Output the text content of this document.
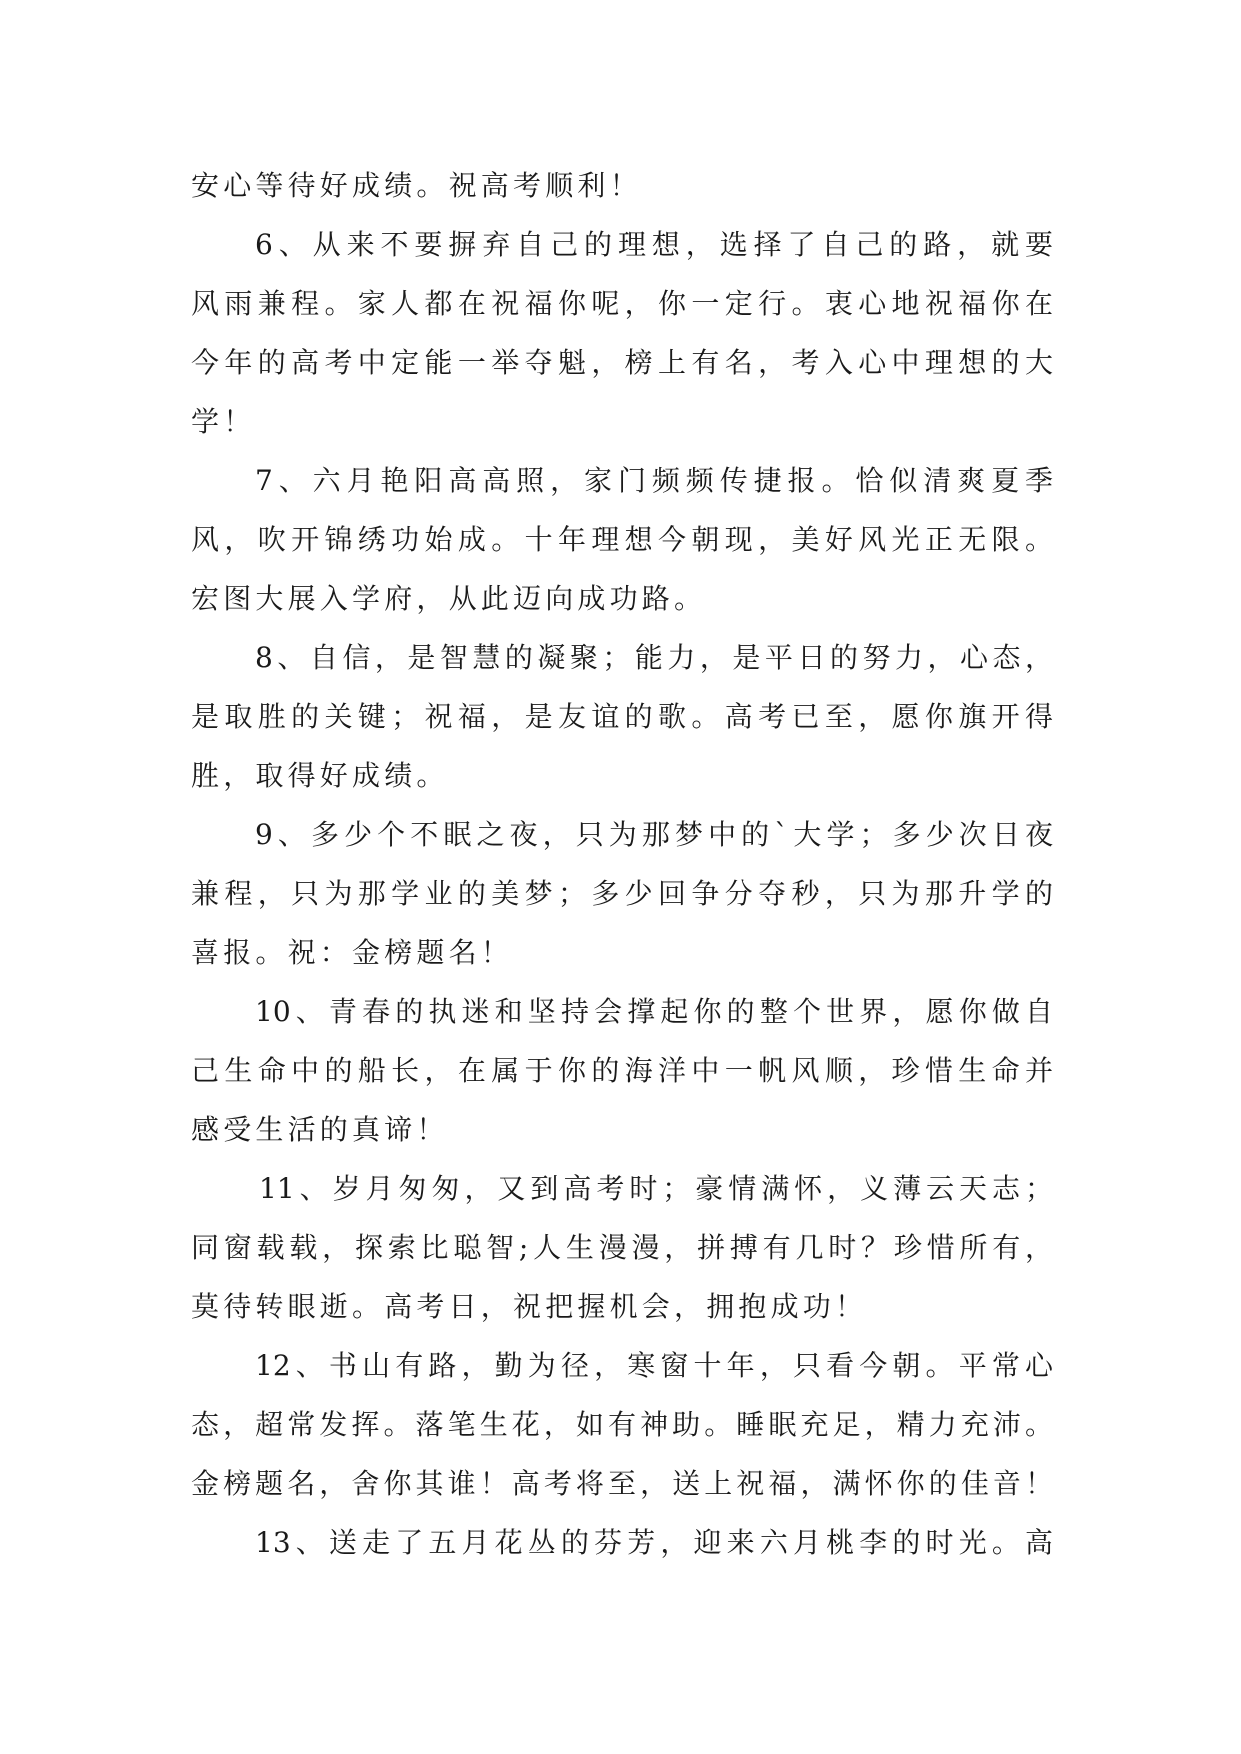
安心等待好成绩。祝高考顺利！
6、从来不要摒弃自己的理想，选择了自己的路，就要
风雨兼程。家人都在祝福你呢，你一定行。衷心地祝福你在
今年的高考中定能一举夺魁，榜上有名，考入心中理想的大
学！
7、六月艳阳高高照，家门频频传捷报。恰似清爽夏季
风，吹开锦绣功始成。十年理想今朝现，美好风光正无限。
宏图大展入学府，从此迈向成功路。
8、自信，是智慧的凝聚；能力，是平日的努力，心态，
是取胜的关键；祝福，是友谊的歌。高考已至，愿你旗开得
胜，取得好成绩。
9、多少个不眠之夜，只为那梦中的`大学；多少次日夜
兼程，只为那学业的美梦；多少回争分夺秒，只为那升学的
喜报。祝：金榜题名！
10、青春的执迷和坚持会撑起你的整个世界，愿你做自
己生命中的船长，在属于你的海洋中一帆风顺，珍惜生命并
感受生活的真谛！
11、岁月匆匆，又到高考时；豪情满怀，义薄云天志；
同窗载载，探索比聪智;人生漫漫，拼搏有几时？珍惜所有，
莫待转眼逝。高考日，祝把握机会，拥抱成功！
12、书山有路，勤为径，寒窗十年，只看今朝。平常心
态，超常发挥。落笔生花，如有神助。睡眠充足，精力充沛。
金榜题名，舍你其谁！高考将至，送上祝福，满怀你的佳音！
13、送走了五月花丛的芬芳，迎来六月桃李的时光。高
